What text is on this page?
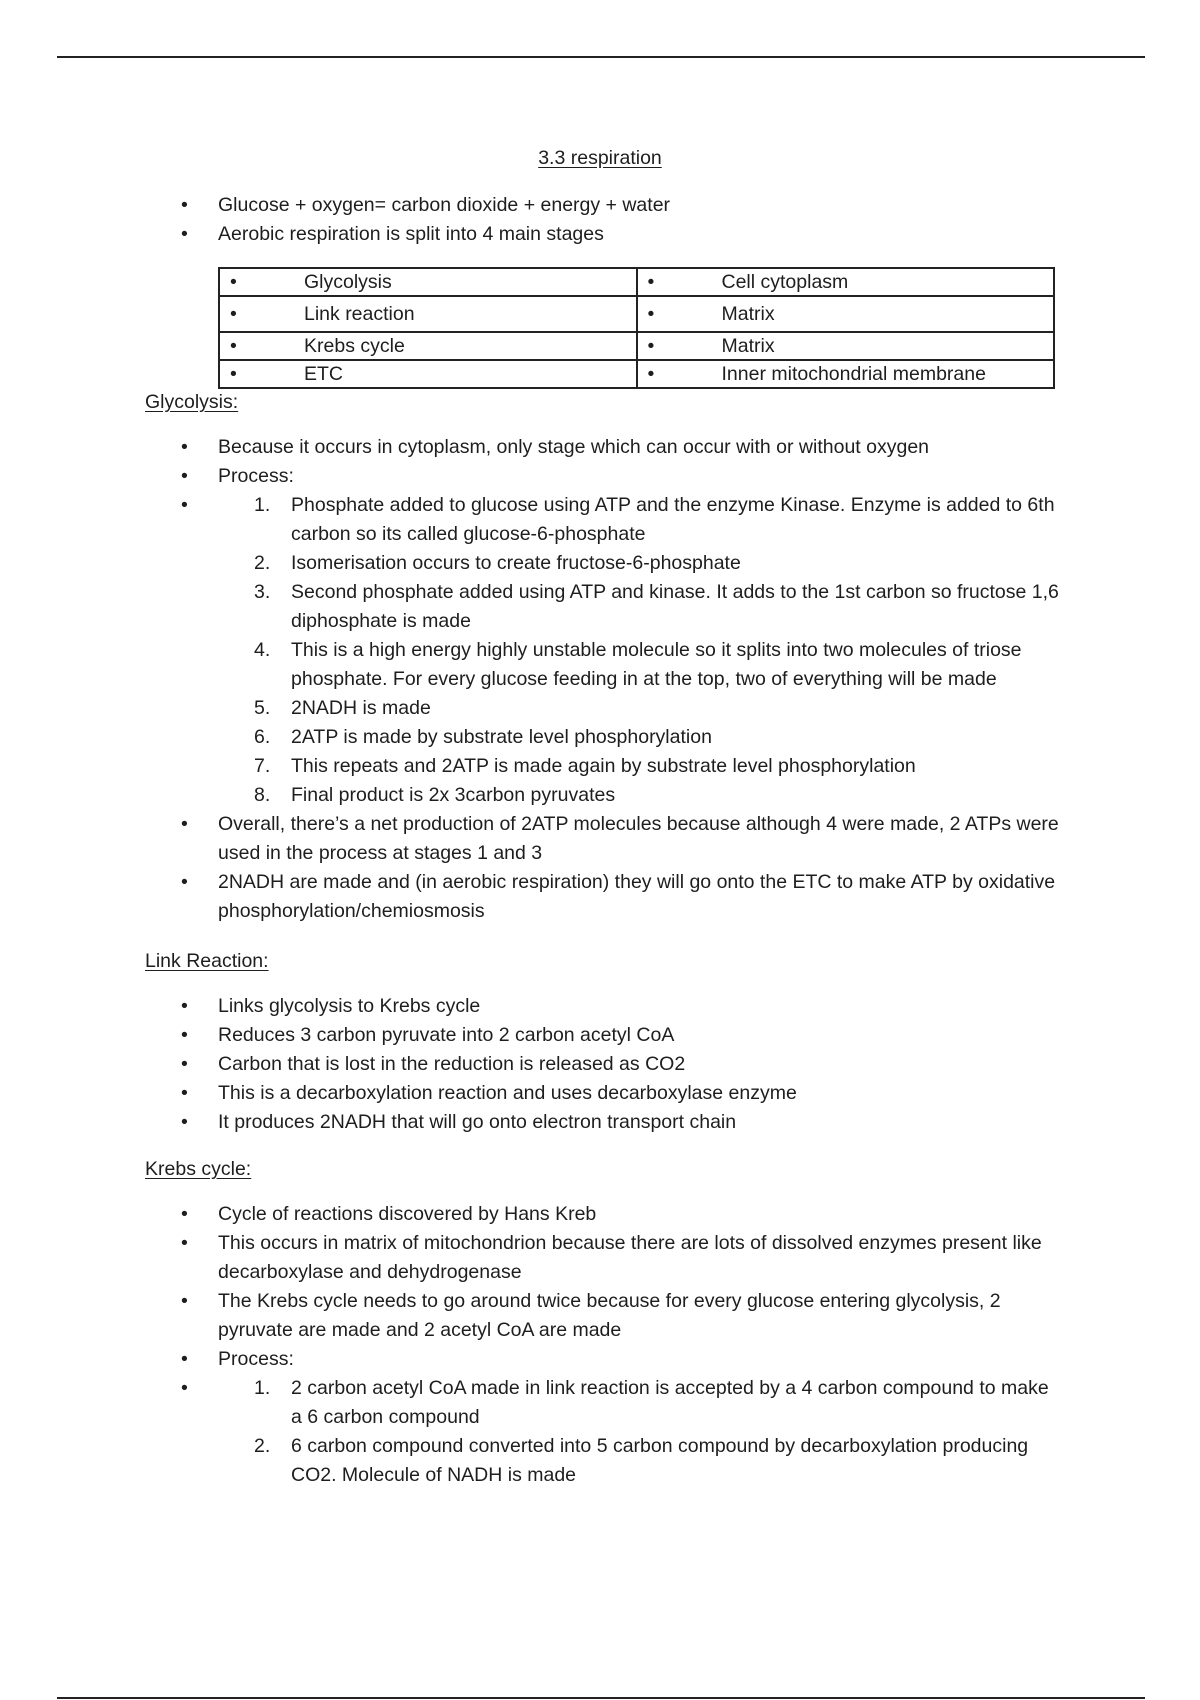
3.3 respiration
• Glucose + oxygen= carbon dioxide + energy + water
• Aerobic respiration is split into 4 main stages
• Glycolysis	• Cell cytoplasm

• Link reaction	• Matrix

• Krebs cycle	• Matrix

• ETC	• Inner mitochondrial membrane
Glycolysis:
• Because it occurs in cytoplasm, only stage which can occur with or without oxygen
• Process:
• 1. Phosphate added to glucose using ATP and the enzyme Kinase. Enzyme is added to 6th carbon so its called glucose-6-phosphate
2. Isomerisation occurs to create fructose-6-phosphate
3. Second phosphate added using ATP and kinase. It adds to the 1st carbon so fructose 1,6 diphosphate is made
4. This is a high energy highly unstable molecule so it splits into two molecules of triose phosphate. For every glucose feeding in at the top, two of everything will be made
5. 2NADH is made
6. 2ATP is made by substrate level phosphorylation
7. This repeats and 2ATP is made again by substrate level phosphorylation
8. Final product is 2x 3carbon pyruvates
• Overall, there’s a net production of 2ATP molecules because although 4 were made, 2 ATPs were used in the process at stages 1 and 3
• 2NADH are made and (in aerobic respiration) they will go onto the ETC to make ATP by oxidative phosphorylation/chemiosmosis
Link Reaction:
• Links glycolysis to Krebs cycle
• Reduces 3 carbon pyruvate into 2 carbon acetyl CoA
• Carbon that is lost in the reduction is released as CO2
• This is a decarboxylation reaction and uses decarboxylase enzyme
• It produces 2NADH that will go onto electron transport chain
Krebs cycle:
• Cycle of reactions discovered by Hans Kreb
• This occurs in matrix of mitochondrion because there are lots of dissolved enzymes present like decarboxylase and dehydrogenase
• The Krebs cycle needs to go around twice because for every glucose entering glycolysis, 2 pyruvate are made and 2 acetyl CoA are made
• Process:
• 1. 2 carbon acetyl CoA made in link reaction is accepted by a 4 carbon compound to make a 6 carbon compound
2. 6 carbon compound converted into 5 carbon compound by decarboxylation producing CO2. Molecule of NADH is made
